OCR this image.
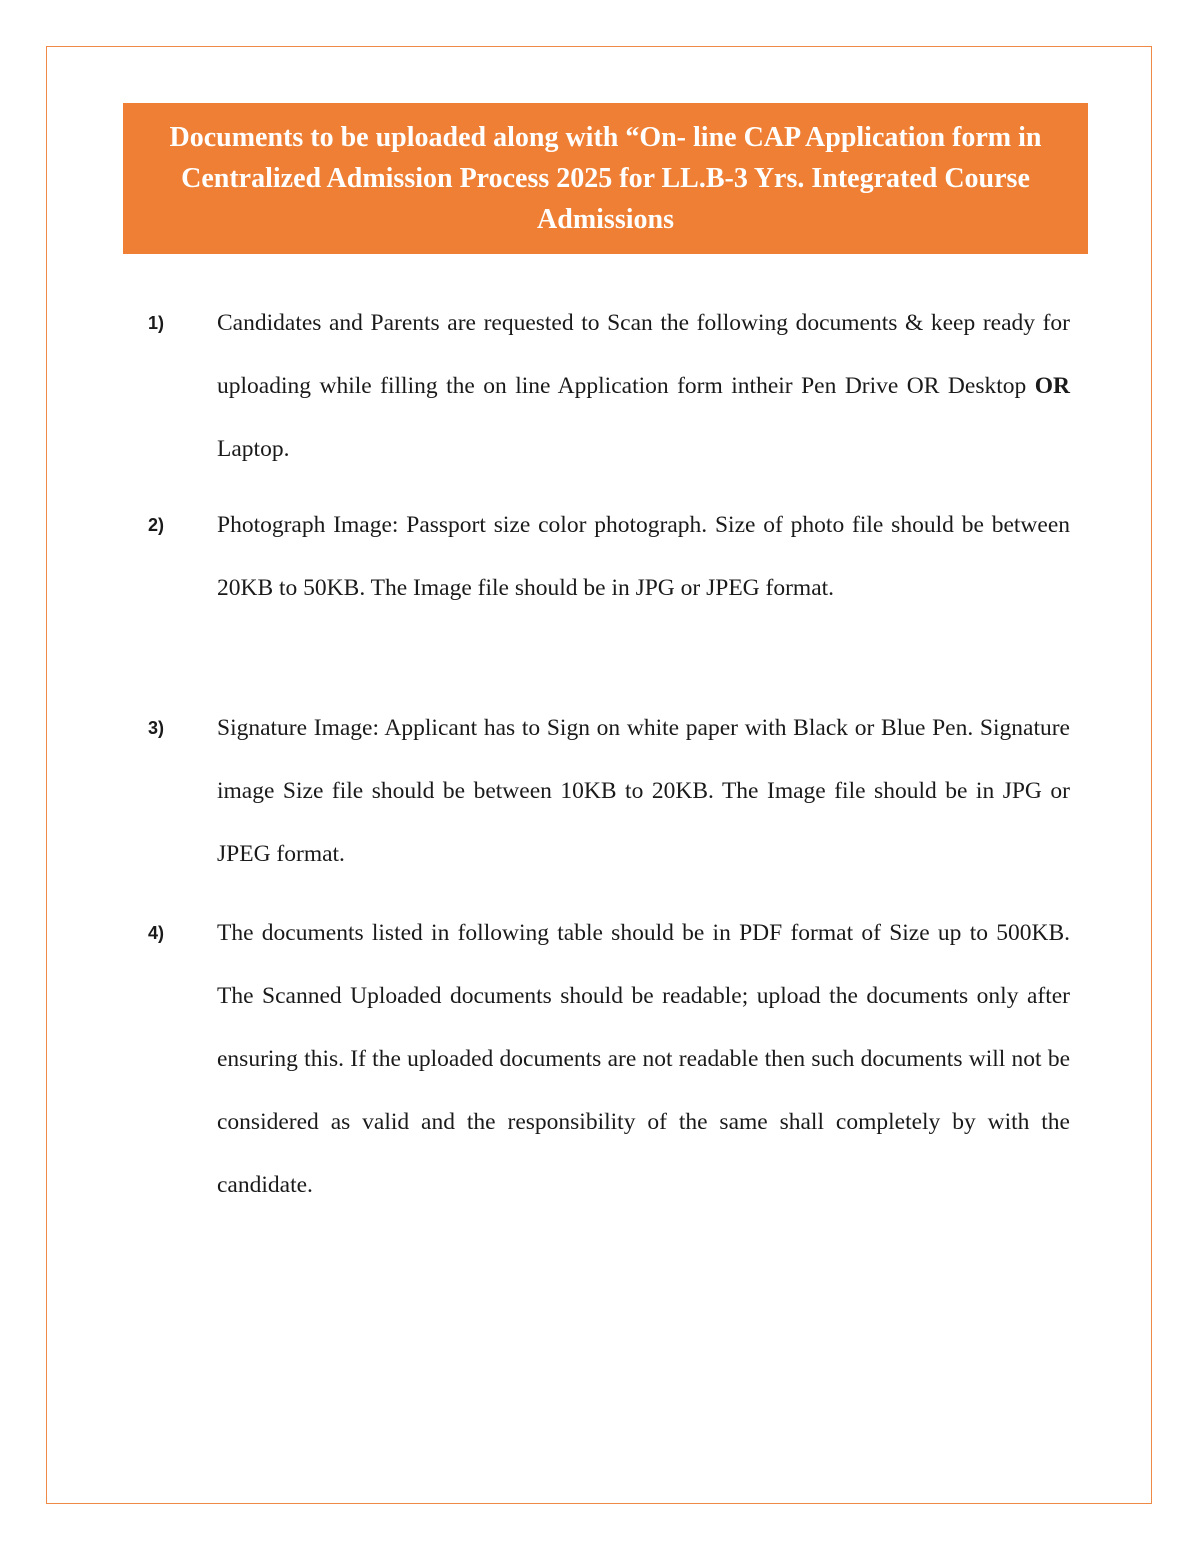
Documents to be uploaded along with “On- line CAP Application form in Centralized Admission Process 2025 for LL.B-3 Yrs. Integrated Course Admissions

1) Candidates and Parents are requested to Scan the following documents & keep ready for uploading while filling the on line Application form intheir Pen Drive OR Desktop OR Laptop.

2) Photograph Image: Passport size color photograph. Size of photo file should be between 20KB to 50KB. The Image file should be in JPG or JPEG format.

3) Signature Image: Applicant has to Sign on white paper with Black or Blue Pen. Signature image Size file should be between 10KB to 20KB. The Image file should be in JPG or JPEG format.

4) The documents listed in following table should be in PDF format of Size up to 500KB. The Scanned Uploaded documents should be readable; upload the documents only after ensuring this. If the uploaded documents are not readable then such documents will not be considered as valid and the responsibility of the same shall completely by with the candidate.
